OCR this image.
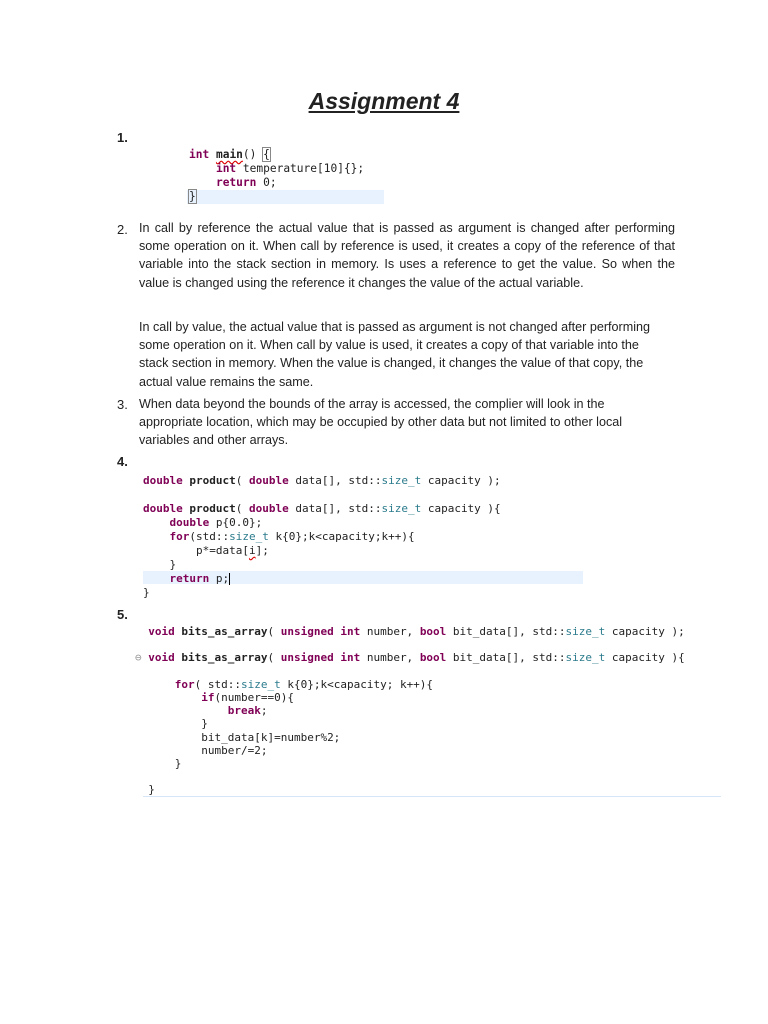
Assignment 4
1.
int main() {
int temperature[10]{};
return 0;
}
2. In call by reference the actual value that is passed as argument is changed after performing some operation on it. When call by reference is used, it creates a copy of the reference of that variable into the stack section in memory. Is uses a reference to get the value. So when the value is changed using the reference it changes the value of the actual variable.
In call by value, the actual value that is passed as argument is not changed after performing some operation on it. When call by value is used, it creates a copy of that variable into the stack section in memory. When the value is changed, it changes the value of that copy, the actual value remains the same.
3. When data beyond the bounds of the array is accessed, the complier will look in the appropriate location, which may be occupied by other data but not limited to other local variables and other arrays.
4.
double product( double data[], std::size_t capacity );

double product( double data[], std::size_t capacity ){
double p{0.0};
for(std::size_t k{0};k<capacity;k++){
p*=data[i];
}
return p;
}
5.
void bits_as_array( unsigned int number, bool bit_data[], std::size_t capacity );

⊖ void bits_as_array( unsigned int number, bool bit_data[], std::size_t capacity ){

for( std::size_t k{0};k<capacity; k++){
if(number==0){
break;
}
bit_data[k]=number%2;
number/=2;
}

}
